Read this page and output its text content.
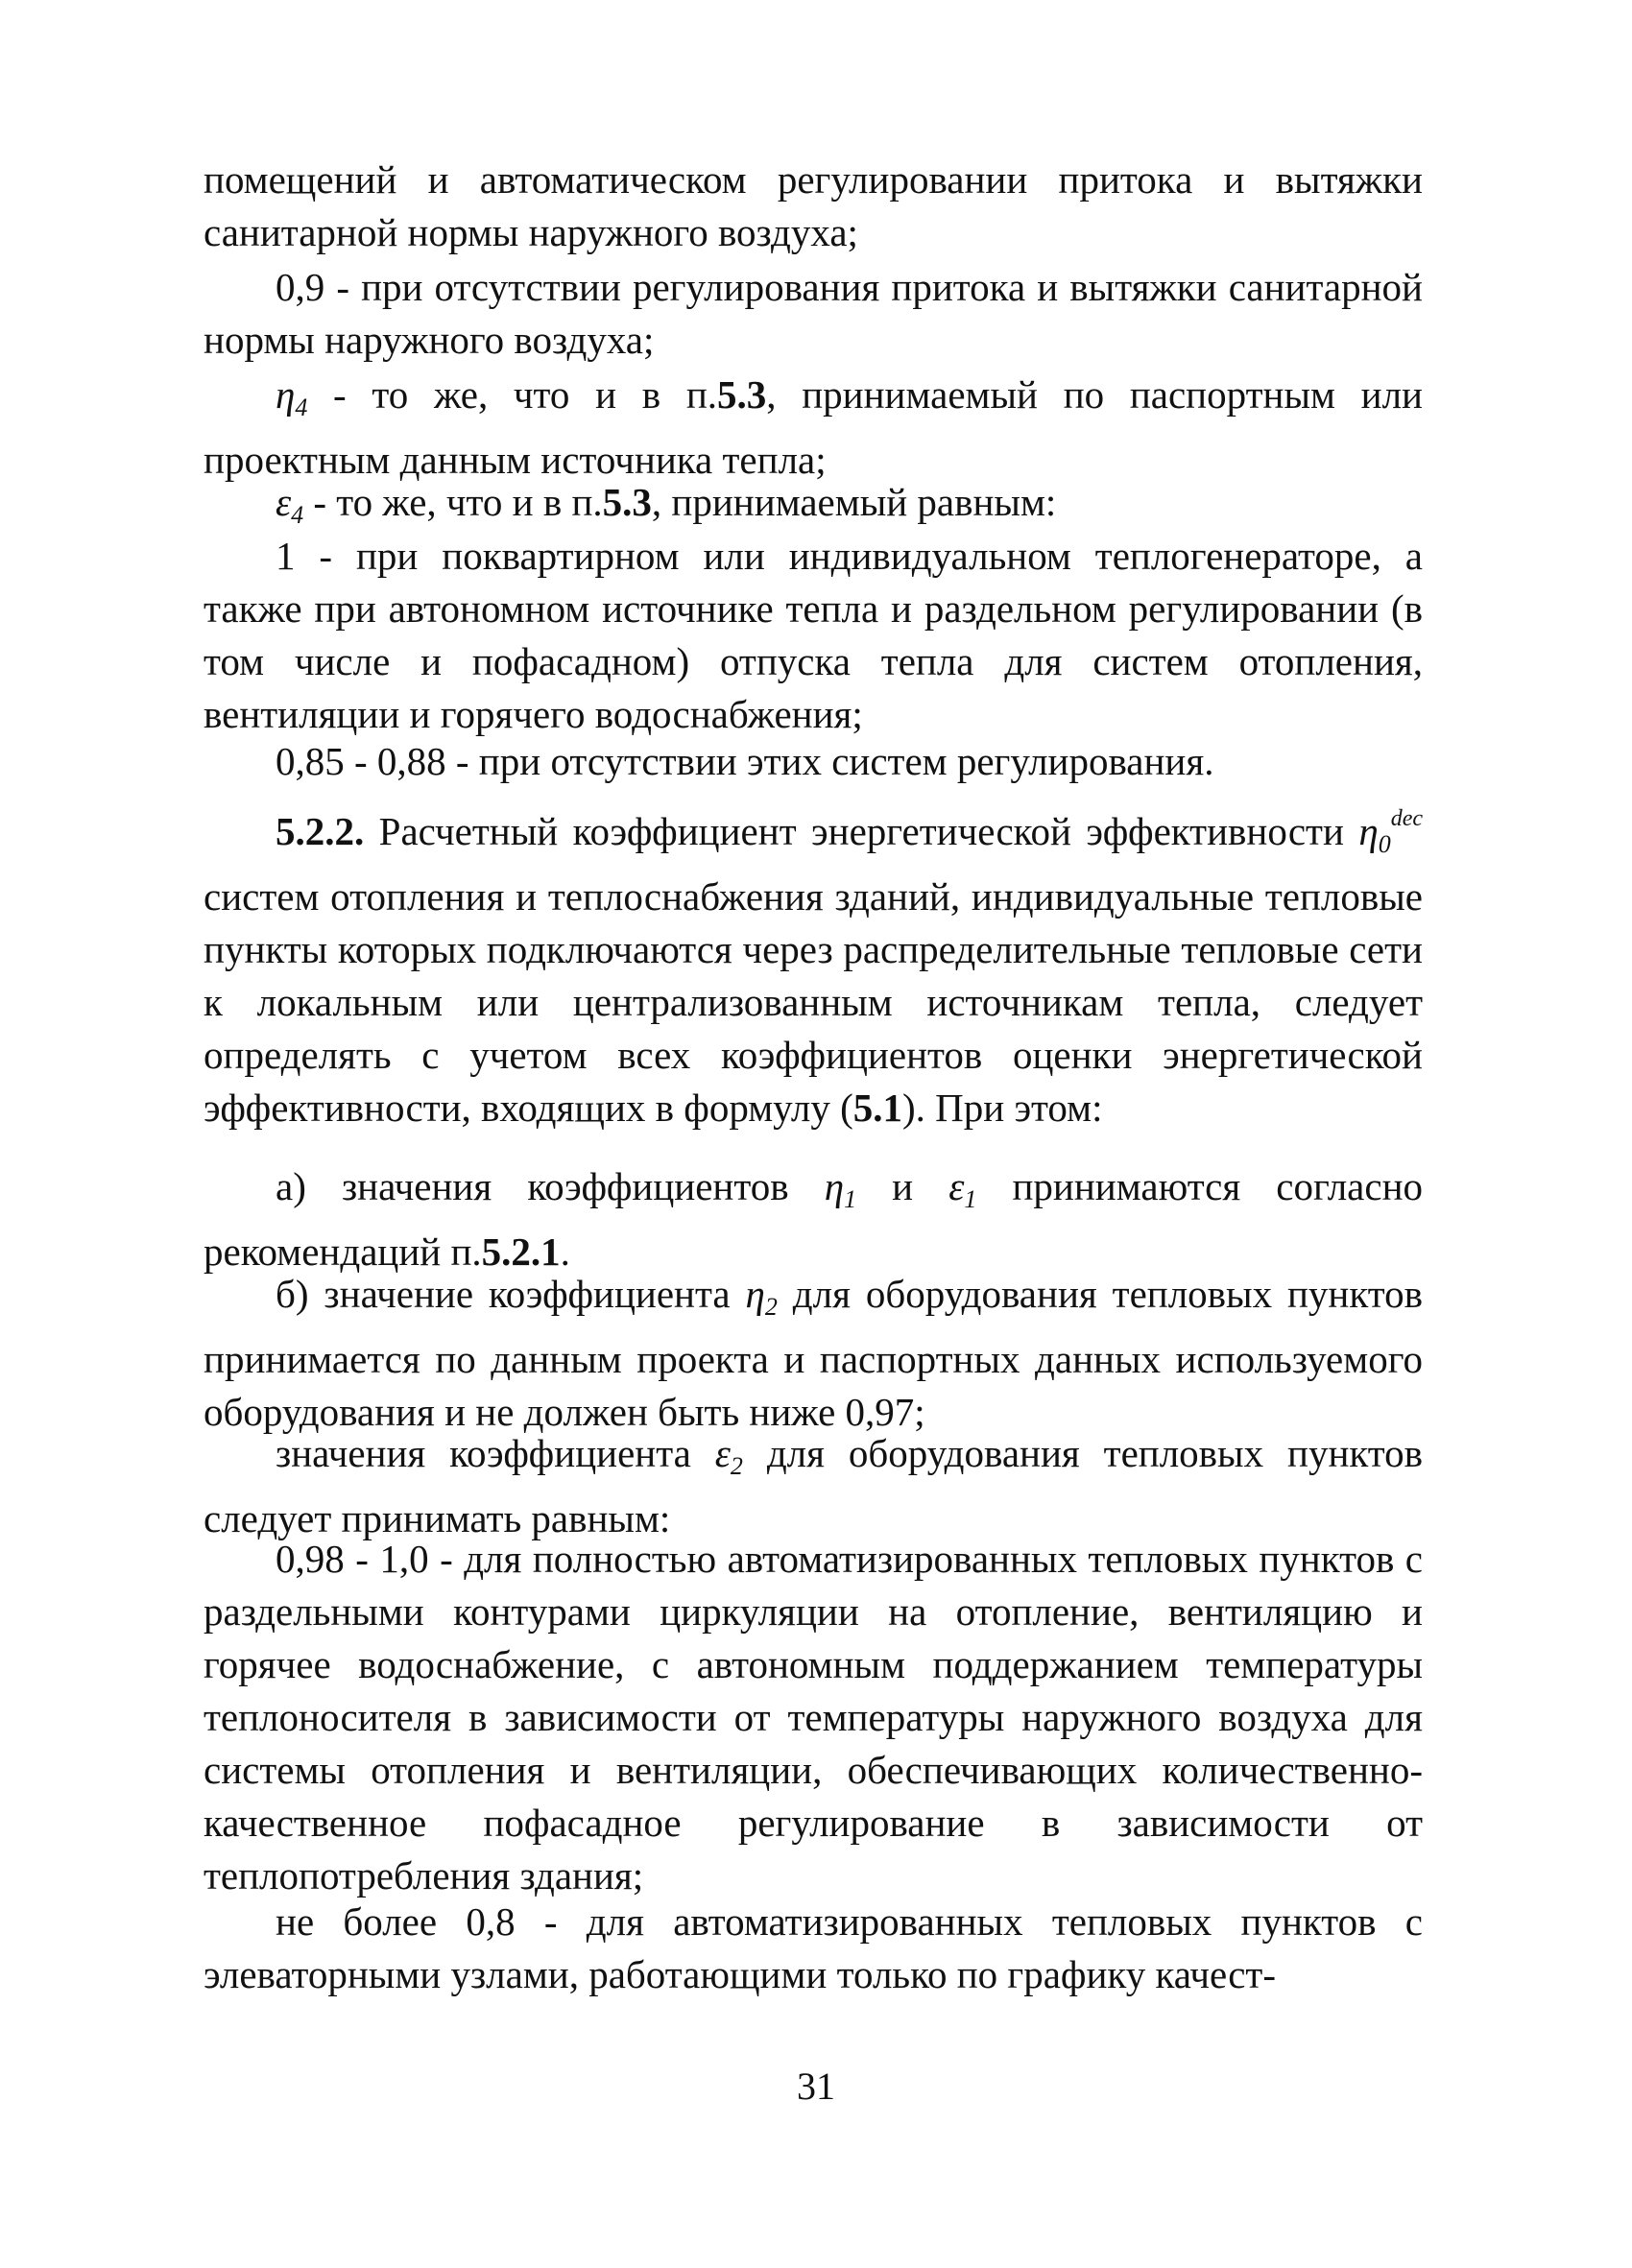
помещений и автоматическом регулировании притока и вытяжки санитарной нормы наружного воздуха;

0,9 - при отсутствии регулирования притока и вытяжки санитарной нормы наружного воздуха;

$\eta_4$ - то же, что и в п.5.3, принимаемый по паспортным или проектным данным источника тепла;

$\varepsilon_4$ - то же, что и в п.5.3, принимаемый равным:

1 - при поквартирном или индивидуальном теплогенераторе, а также при автономном источнике тепла и раздельном регулировании (в том числе и пофасадном) отпуска тепла для систем отопления, вентиляции и горячего водоснабжения;

0,85 - 0,88 - при отсутствии этих систем регулирования.

5.2.2. Расчетный коэффициент энергетической эффективности $\eta_0^{dec}$ систем отопления и теплоснабжения зданий, индивидуальные тепловые пункты которых подключаются через распределительные тепловые сети к локальным или централизованным источникам тепла, следует определять с учетом всех коэффициентов оценки энергетической эффективности, входящих в формулу (5.1). При этом:

а) значения коэффициентов $\eta_1$ и $\varepsilon_1$ принимаются согласно рекомендаций п.5.2.1.

б) значение коэффициента $\eta_2$ для оборудования тепловых пунктов принимается по данным проекта и паспортных данных используемого оборудования и не должен быть ниже 0,97;

значения коэффициента $\varepsilon_2$ для оборудования тепловых пунктов следует принимать равным:

0,98 - 1,0 - для полностью автоматизированных тепловых пунктов с раздельными контурами циркуляции на отопление, вентиляцию и горячее водоснабжение, с автономным поддержанием температуры теплоносителя в зависимости от температуры наружного воздуха для системы отопления и вентиляции, обеспечивающих количественно-качественное пофасадное регулирование в зависимости от теплопотребления здания;

не более 0,8 - для автоматизированных тепловых пунктов с элеваторными узлами, работающими только по графику качест-

31
